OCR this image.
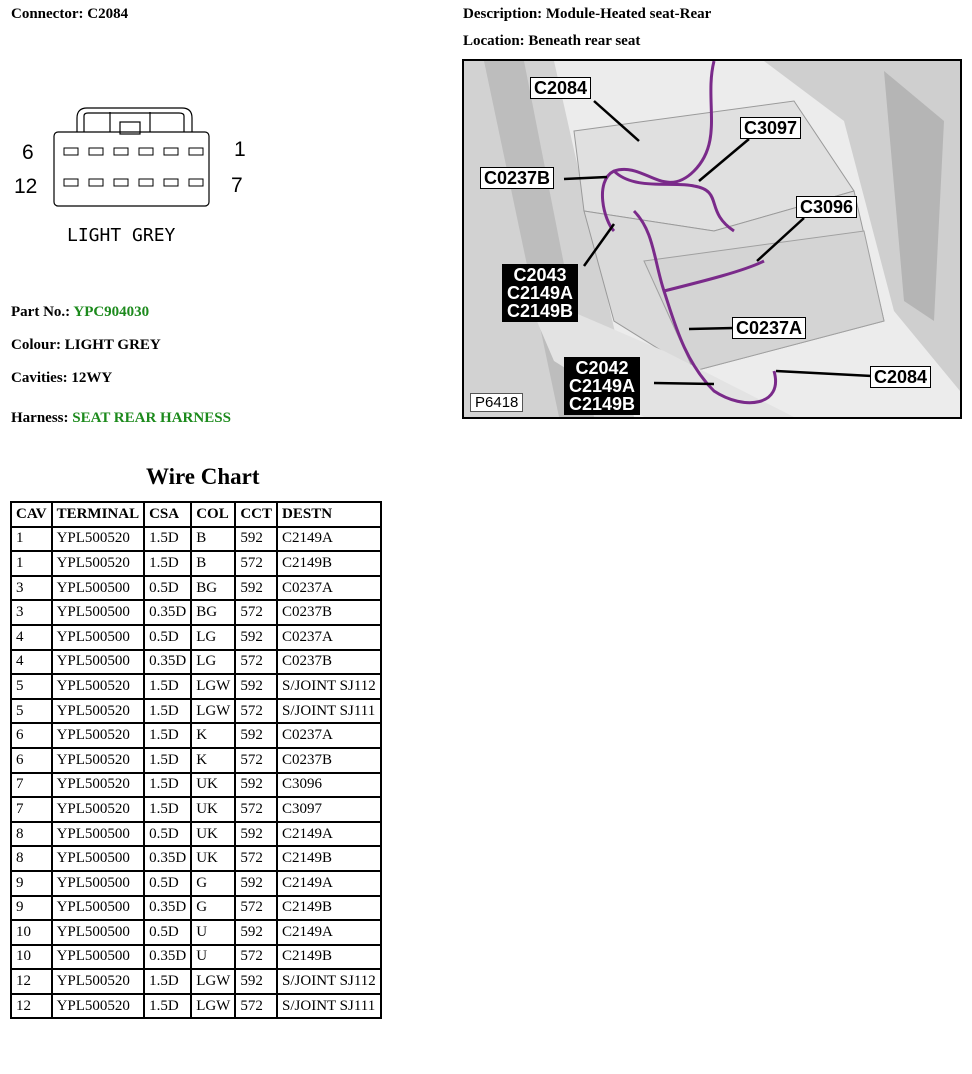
Connector: C2084	Description: Module-Heated seat-Rear
Location: Beneath rear seat
6	1
12	7
LIGHT GREY
Part No.: YPC904030
Colour: LIGHT GREY
Cavities: 12WY
Harness: SEAT REAR HARNESS
C2084
C3097
C0237B
C3096
C2043
C2149A
C2149B
C0237A
C2042
C2149A
C2149B
C2084
P6418
Wire Chart
CAV	TERMINAL	CSA	COL	CCT	DESTN
1	YPL500520	1.5D	B	592	C2149A
1	YPL500520	1.5D	B	572	C2149B
3	YPL500500	0.5D	BG	592	C0237A
3	YPL500500	0.35D	BG	572	C0237B
4	YPL500500	0.5D	LG	592	C0237A
4	YPL500500	0.35D	LG	572	C0237B
5	YPL500520	1.5D	LGW	592	S/JOINT SJ112
5	YPL500520	1.5D	LGW	572	S/JOINT SJ111
6	YPL500520	1.5D	K	592	C0237A
6	YPL500520	1.5D	K	572	C0237B
7	YPL500520	1.5D	UK	592	C3096
7	YPL500520	1.5D	UK	572	C3097
8	YPL500500	0.5D	UK	592	C2149A
8	YPL500500	0.35D	UK	572	C2149B
9	YPL500500	0.5D	G	592	C2149A
9	YPL500500	0.35D	G	572	C2149B
10	YPL500500	0.5D	U	592	C2149A
10	YPL500500	0.35D	U	572	C2149B
12	YPL500520	1.5D	LGW	592	S/JOINT SJ112
12	YPL500520	1.5D	LGW	572	S/JOINT SJ111
